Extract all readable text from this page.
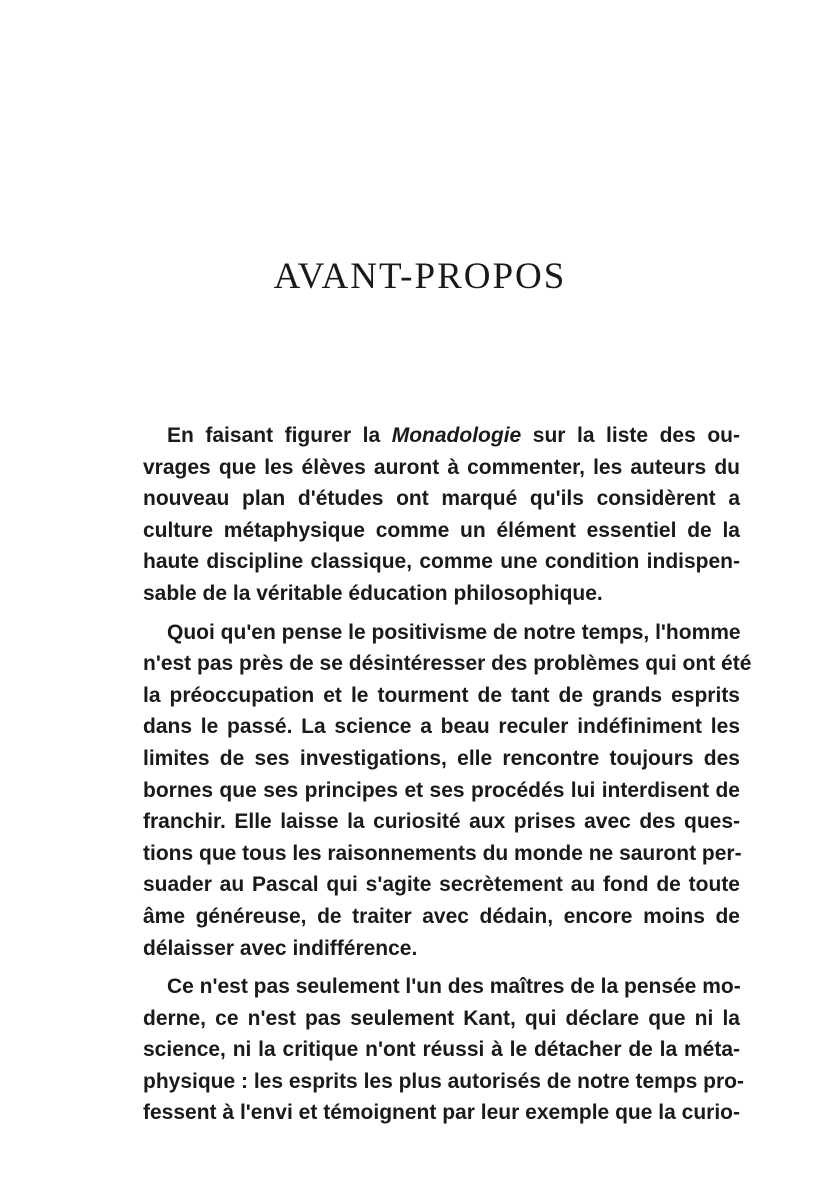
AVANT-PROPOS

En faisant figurer la Monadologie sur la liste des ou-
vrages que les élèves auront à commenter, les auteurs du
nouveau plan d'études ont marqué qu'ils considèrent a
culture métaphysique comme un élément essentiel de la
haute discipline classique, comme une condition indispen-
sable de la véritable éducation philosophique.

Quoi qu'en pense le positivisme de notre temps, l'homme
n'est pas près de se désintéresser des problèmes qui ont été
la préoccupation et le tourment de tant de grands esprits
dans le passé. La science a beau reculer indéfiniment les
limites de ses investigations, elle rencontre toujours des
bornes que ses principes et ses procédés lui interdisent de
franchir. Elle laisse la curiosité aux prises avec des ques-
tions que tous les raisonnements du monde ne sauront per-
suader au Pascal qui s'agite secrètement au fond de toute
âme généreuse, de traiter avec dédain, encore moins de
délaisser avec indifférence.

Ce n'est pas seulement l'un des maîtres de la pensée mo-
derne, ce n'est pas seulement Kant, qui déclare que ni la
science, ni la critique n'ont réussi à le détacher de la méta-
physique : les esprits les plus autorisés de notre temps pro-
fessent à l'envi et témoignent par leur exemple que la curio-
